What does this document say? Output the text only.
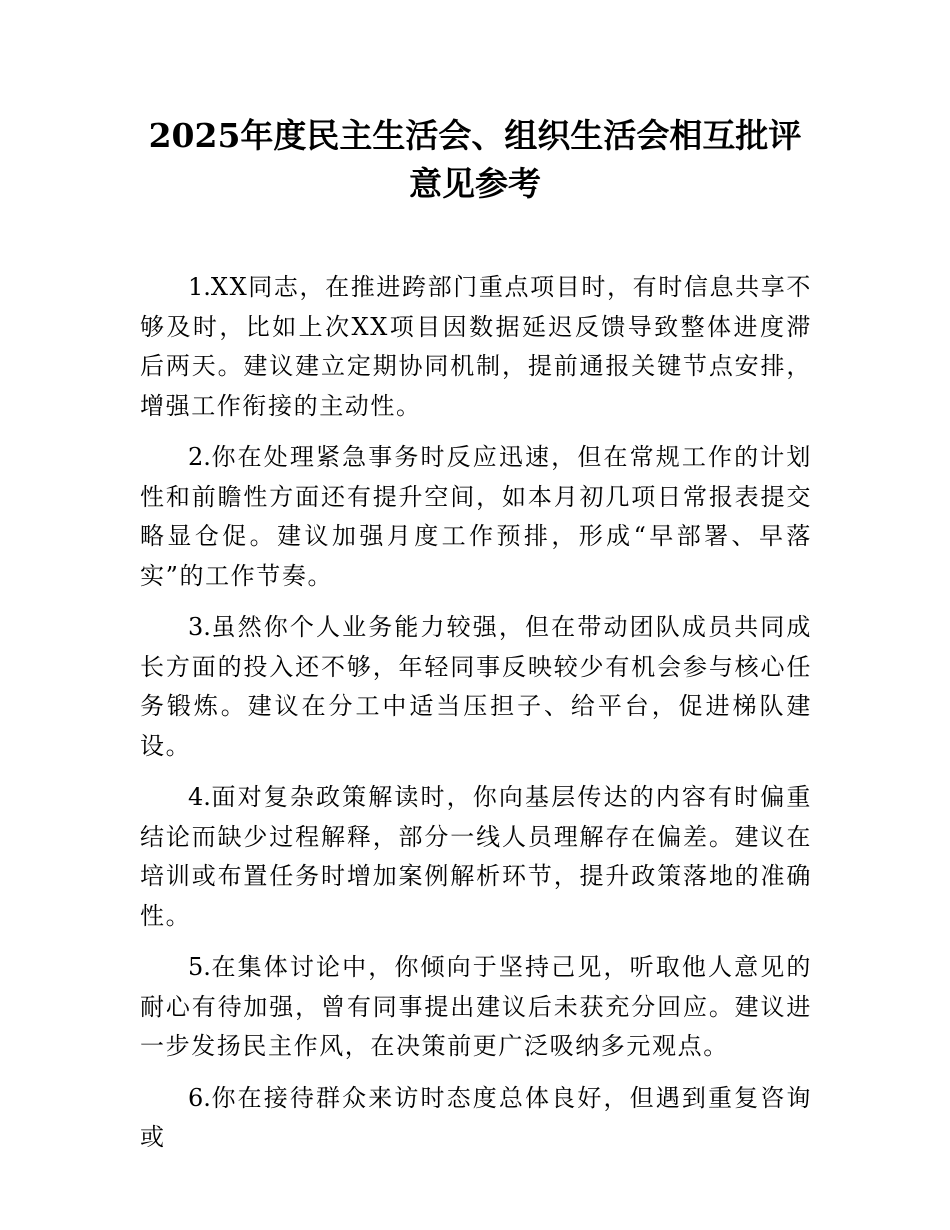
2025年度民主生活会、组织生活会相互批评意见参考

1.XX同志，在推进跨部门重点项目时，有时信息共享不够及时，比如上次XX项目因数据延迟反馈导致整体进度滞后两天。建议建立定期协同机制，提前通报关键节点安排，增强工作衔接的主动性。

2.你在处理紧急事务时反应迅速，但在常规工作的计划性和前瞻性方面还有提升空间，如本月初几项日常报表提交略显仓促。建议加强月度工作预排，形成“早部署、早落实”的工作节奏。

3.虽然你个人业务能力较强，但在带动团队成员共同成长方面的投入还不够，年轻同事反映较少有机会参与核心任务锻炼。建议在分工中适当压担子、给平台，促进梯队建设。

4.面对复杂政策解读时，你向基层传达的内容有时偏重结论而缺少过程解释，部分一线人员理解存在偏差。建议在培训或布置任务时增加案例解析环节，提升政策落地的准确性。

5.在集体讨论中，你倾向于坚持己见，听取他人意见的耐心有待加强，曾有同事提出建议后未获充分回应。建议进一步发扬民主作风，在决策前更广泛吸纳多元观点。

6.你在接待群众来访时态度总体良好，但遇到重复咨询或
